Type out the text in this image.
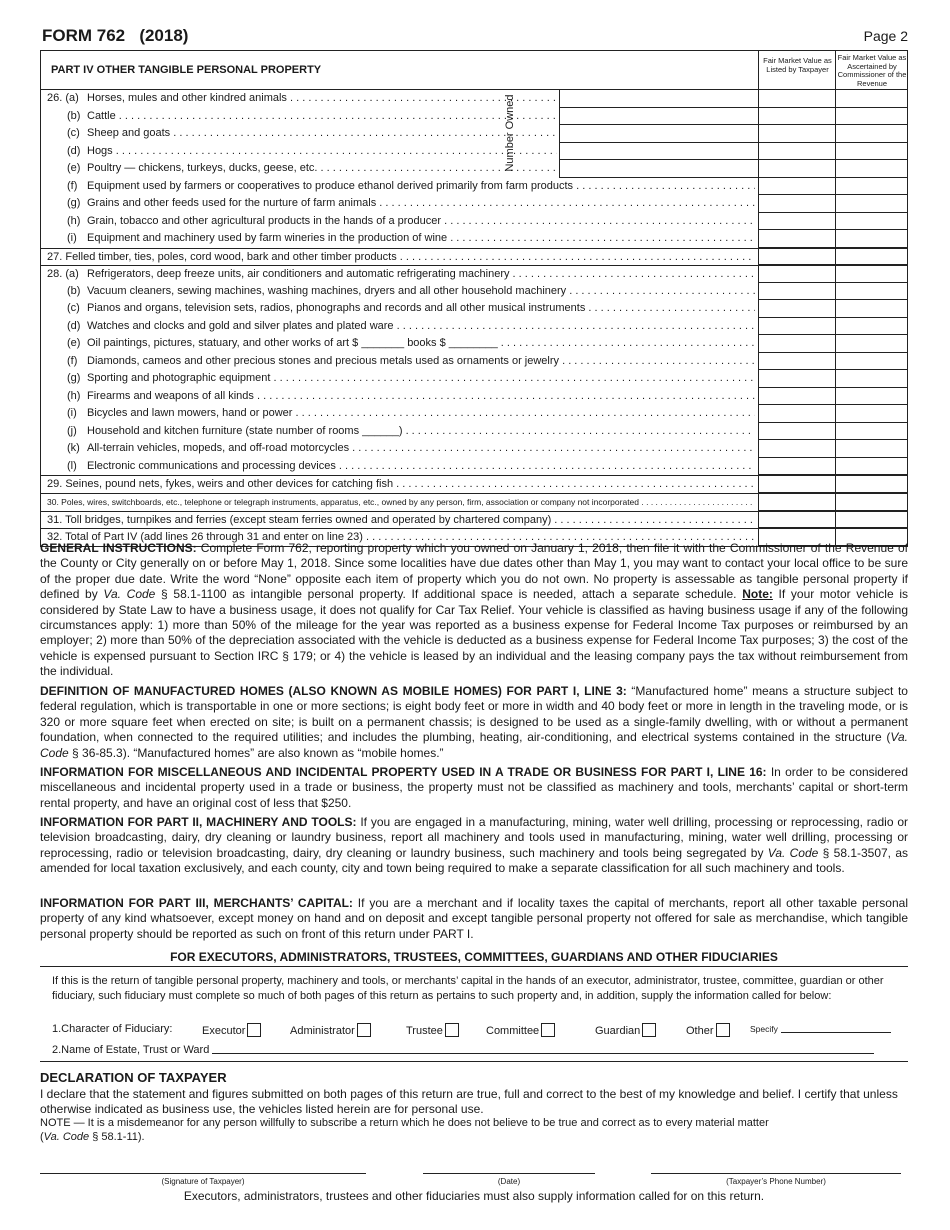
FORM 762 (2018)	Page 2
PART IV OTHER TANGIBLE PERSONAL PROPERTY
Fair Market Value as Listed by Taxpayer
Fair Market Value as Ascertained by Commissioner of the Revenue
26. (a) Horses, mules and other kindred animals . . .
(b) Cattle . . .
(c) Sheep and goats . . .
(d) Hogs . . .
(e) Poultry — chickens, turkeys, ducks, geese, etc. . . .
(f) Equipment used by farmers or cooperatives to produce ethanol derived primarily from farm products . . .
(g) Grains and other feeds used for the nurture of farm animals . . .
(h) Grain, tobacco and other agricultural products in the hands of a producer . . .
(i) Equipment and machinery used by farm wineries in the production of wine . . .
27. Felled timber, ties, poles, cord wood, bark and other timber products . . .
28. (a) Refrigerators, deep freeze units, air conditioners and automatic refrigerating machinery . . .
(b) Vacuum cleaners, sewing machines, washing machines, dryers and all other household machinery . . .
(c) Pianos and organs, television sets, radios, phonographs and records and all other musical instruments . . .
(d) Watches and clocks and gold and silver plates and plated ware . . .
(e) Oil paintings, pictures, statuary, and other works of art $ _______ books $ ________ . . .
(f) Diamonds, cameos and other precious stones and precious metals used as ornaments or jewelry . . .
(g) Sporting and photographic equipment . . .
(h) Firearms and weapons of all kinds . . .
(i) Bicycles and lawn mowers, hand or power . . .
(j) Household and kitchen furniture (state number of rooms ______) . . .
(k) All-terrain vehicles, mopeds, and off-road motorcycles . . .
(l) Electronic communications and processing devices . . .
29. Seines, pound nets, fykes, weirs and other devices for catching fish . . .
30. Poles, wires, switchboards, etc., telephone or telegraph instruments, apparatus, etc., owned by any person, firm, association or company not incorporated . . .
31. Toll bridges, turnpikes and ferries (except steam ferries owned and operated by chartered company) . . .
32. Total of Part IV (add lines 26 through 31 and enter on line 23) . . .
Number Owned
GENERAL INSTRUCTIONS: Complete Form 762, reporting property which you owned on January 1, 2018, then file it with the Commissioner of the Revenue of the County or City generally on or before May 1, 2018. Since some localities have due dates other than May 1, you may want to contact your local office to be sure of the proper due date. Write the word “None” opposite each item of property which you do not own. No property is assessable as tangible personal property if defined by Va. Code § 58.1-1100 as intangible personal property. If additional space is needed, attach a separate schedule. Note: If your motor vehicle is considered by State Law to have a business usage, it does not qualify for Car Tax Relief. Your vehicle is classified as having business usage if any of the following circumstances apply: 1) more than 50% of the mileage for the year was reported as a business expense for Federal Income Tax purposes or reimbursed by an employer; 2) more than 50% of the depreciation associated with the vehicle is deducted as a business expense for Federal Income Tax purposes; 3) the cost of the vehicle is expensed pursuant to Section IRC § 179; or 4) the vehicle is leased by an individual and the leasing company pays the tax without reimbursement from the individual.
DEFINITION OF MANUFACTURED HOMES (ALSO KNOWN AS MOBILE HOMES) FOR PART I, LINE 3: “Manufactured home” means a structure subject to federal regulation, which is transportable in one or more sections; is eight body feet or more in width and 40 body feet or more in length in the traveling mode, or is 320 or more square feet when erected on site; is built on a permanent chassis; is designed to be used as a single-family dwelling, with or without a permanent foundation, when connected to the required utilities; and includes the plumbing, heating, air-conditioning, and electrical systems contained in the structure (Va. Code § 36-85.3). “Manufactured homes” are also known as “mobile homes.”
INFORMATION FOR MISCELLANEOUS AND INCIDENTAL PROPERTY USED IN A TRADE OR BUSINESS FOR PART I, LINE 16: In order to be considered miscellaneous and incidental property used in a trade or business, the property must not be classified as machinery and tools, merchants’ capital or short-term rental property, and have an original cost of less that $250.
INFORMATION FOR PART II, MACHINERY AND TOOLS: If you are engaged in a manufacturing, mining, water well drilling, processing or reprocessing, radio or television broadcasting, dairy, dry cleaning or laundry business, report all machinery and tools used in manufacturing, mining, water well drilling, processing or reprocessing, radio or television broadcasting, dairy, dry cleaning or laundry business, such machinery and tools being segregated by Va. Code § 58.1-3507, as amended for local taxation exclusively, and each county, city and town being required to make a separate classification for all such machinery and tools.
INFORMATION FOR PART III, MERCHANTS’ CAPITAL: If you are a merchant and if locality taxes the capital of merchants, report all other taxable personal property of any kind whatsoever, except money on hand and on deposit and except tangible personal property not offered for sale as merchandise, which tangible personal property should be reported as such on front of this return under PART I.
FOR EXECUTORS, ADMINISTRATORS, TRUSTEES, COMMITTEES, GUARDIANS AND OTHER FIDUCIARIES
If this is the return of tangible personal property, machinery and tools, or merchants’ capital in the hands of an executor, administrator, trustee, committee, guardian or other fiduciary, such fiduciary must complete so much of both pages of this return as pertains to such property and, in addition, supply the information called for below:
1.Character of Fiduciary:	Executor	Administrator	Trustee	Committee	Guardian	Other	Specify
2.Name of Estate, Trust or Ward
DECLARATION OF TAXPAYER
I declare that the statement and figures submitted on both pages of this return are true, full and correct to the best of my knowledge and belief. I certify that unless otherwise indicated as business use, the vehicles listed herein are for personal use.
NOTE — It is a misdemeanor for any person willfully to subscribe a return which he does not believe to be true and correct as to every material matter
(Va. Code § 58.1-11).
(Signature of Taxpayer)	(Date)	(Taxpayer’s Phone Number)
Executors, administrators, trustees and other fiduciaries must also supply information called for on this return.
